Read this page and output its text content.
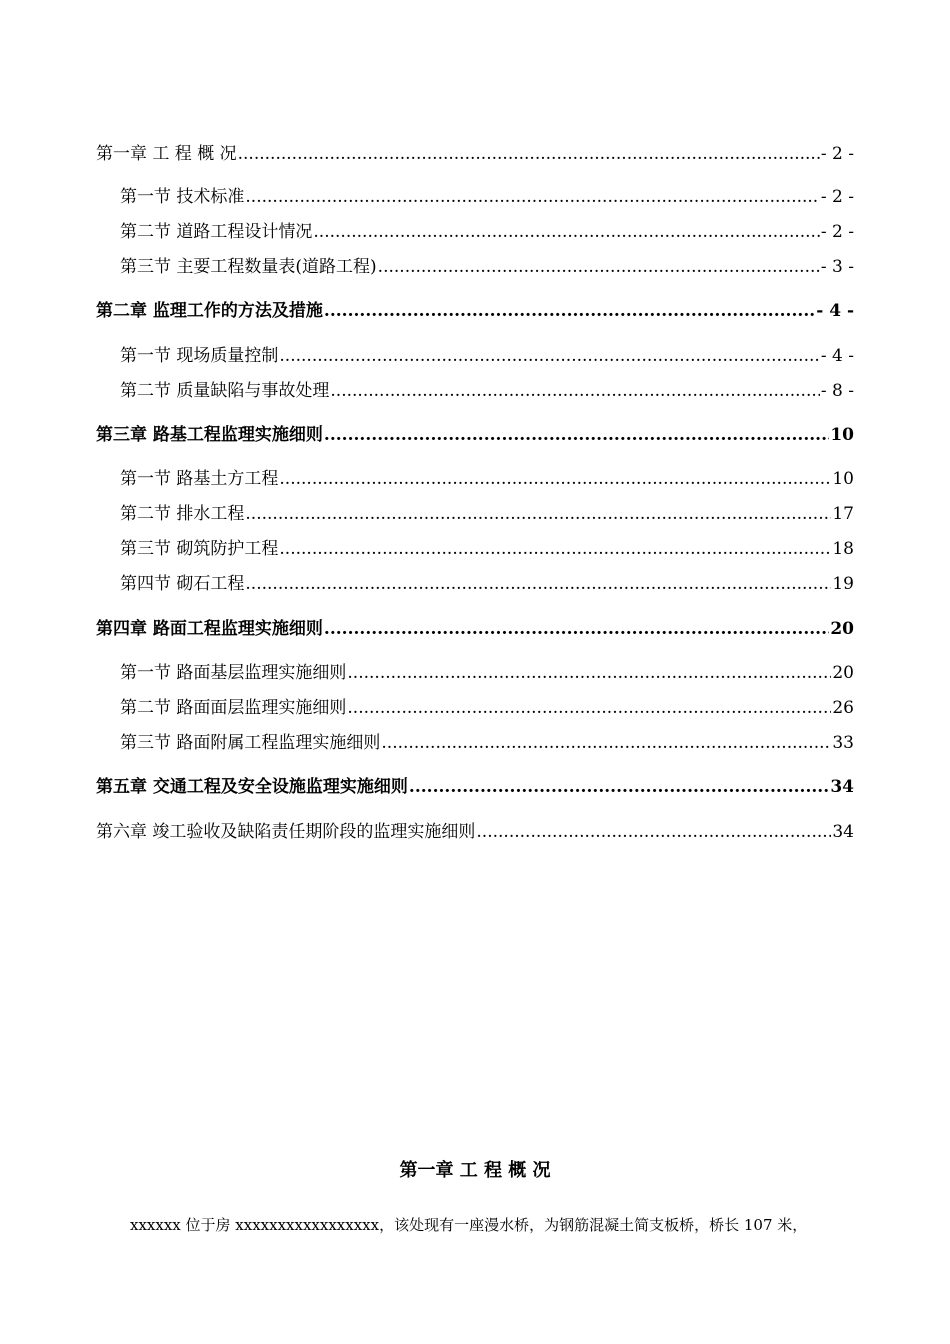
第一章 工 程 概 况 .....	- 2 -
第一节 技术标准 .....	- 2 -
第二节 道路工程设计情况 .....	- 2 -
第三节 主要工程数量表(道路工程) .....	- 3 -
第二章 监理工作的方法及措施 .....	- 4 -
第一节 现场质量控制 .....	- 4 -
第二节 质量缺陷与事故处理 .....	- 8 -
第三章 路基工程监理实施细则 .....	10
第一节 路基土方工程 .....	10
第二节 排水工程 .....	17
第三节 砌筑防护工程 .....	18
第四节 砌石工程 .....	19
第四章 路面工程监理实施细则 .....	20
第一节 路面基层监理实施细则 .....	20
第二节 路面面层监理实施细则 .....	26
第三节 路面附属工程监理实施细则 .....	33
第五章 交通工程及安全设施监理实施细则 .....	34
第六章 竣工验收及缺陷责任期阶段的监理实施细则 .....	34
第一章 工 程 概 况
xxxxxx 位于房 xxxxxxxxxxxxxxxxx，该处现有一座漫水桥，为钢筋混凝土简支板桥，桥长 107 米，
